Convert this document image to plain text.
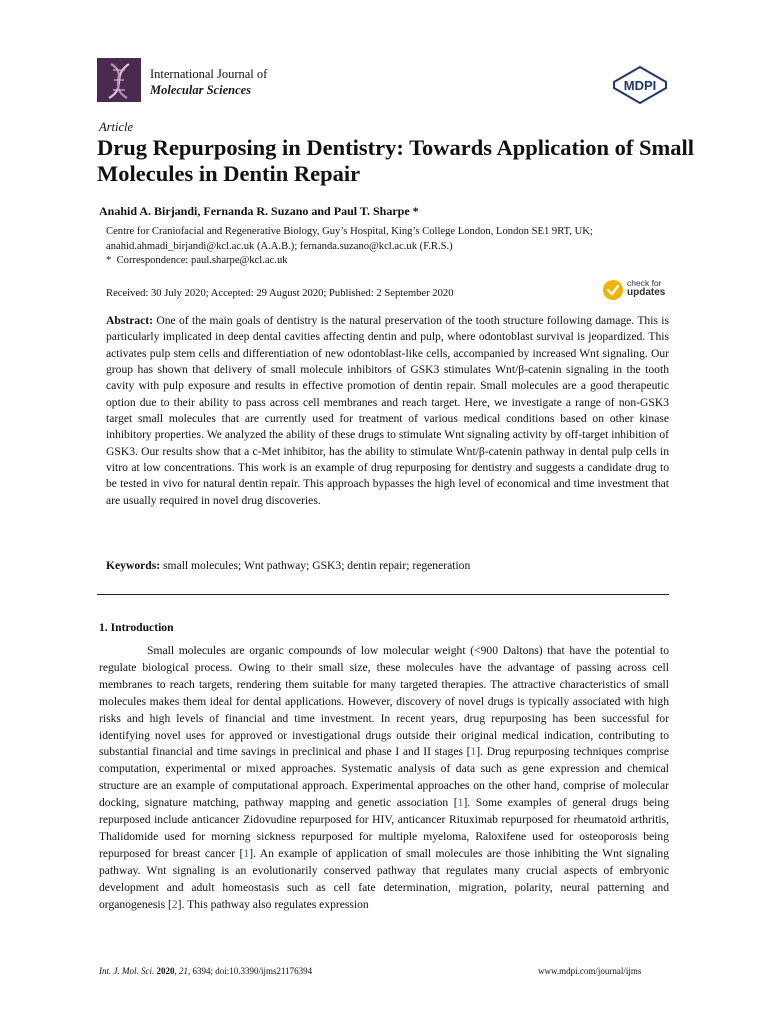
International Journal of
Molecular Sciences	MDPI
Article
Drug Repurposing in Dentistry: Towards Application of Small Molecules in Dentin Repair
Anahid A. Birjandi, Fernanda R. Suzano and Paul T. Sharpe *
Centre for Craniofacial and Regenerative Biology, Guy’s Hospital, King’s College London, London SE1 9RT, UK;
anahid.ahmadi_birjandi@kcl.ac.uk (A.A.B.); fernanda.suzano@kcl.ac.uk (F.R.S.)
* Correspondence: paul.sharpe@kcl.ac.uk
Received: 30 July 2020; Accepted: 29 August 2020; Published: 2 September 2020
check for
updates
Abstract: One of the main goals of dentistry is the natural preservation of the tooth structure following damage. This is particularly implicated in deep dental cavities affecting dentin and pulp, where odontoblast survival is jeopardized. This activates pulp stem cells and differentiation of new odontoblast-like cells, accompanied by increased Wnt signaling. Our group has shown that delivery of small molecule inhibitors of GSK3 stimulates Wnt/β-catenin signaling in the tooth cavity with pulp exposure and results in effective promotion of dentin repair. Small molecules are a good therapeutic option due to their ability to pass across cell membranes and reach target. Here, we investigate a range of non-GSK3 target small molecules that are currently used for treatment of various medical conditions based on other kinase inhibitory properties. We analyzed the ability of these drugs to stimulate Wnt signaling activity by off-target inhibition of GSK3. Our results show that a c-Met inhibitor, has the ability to stimulate Wnt/β-catenin pathway in dental pulp cells in vitro at low concentrations. This work is an example of drug repurposing for dentistry and suggests a candidate drug to be tested in vivo for natural dentin repair. This approach bypasses the high level of economical and time investment that are usually required in novel drug discoveries.
Keywords: small molecules; Wnt pathway; GSK3; dentin repair; regeneration
1. Introduction

Small molecules are organic compounds of low molecular weight (<900 Daltons) that have the potential to regulate biological process. Owing to their small size, these molecules have the advantage of passing across cell membranes to reach targets, rendering them suitable for many targeted therapies. The attractive characteristics of small molecules makes them ideal for dental applications. However, discovery of novel drugs is typically associated with high risks and high levels of financial and time investment. In recent years, drug repurposing has been successful for identifying novel uses for approved or investigational drugs outside their original medical indication, contributing to substantial financial and time savings in preclinical and phase I and II stages [1]. Drug repurposing techniques comprise computation, experimental or mixed approaches. Systematic analysis of data such as gene expression and chemical structure are an example of computational approach. Experimental approaches on the other hand, comprise of molecular docking, signature matching, pathway mapping and genetic association [1]. Some examples of general drugs being repurposed include anticancer Zidovudine repurposed for HIV, anticancer Rituximab repurposed for rheumatoid arthritis, Thalidomide used for morning sickness repurposed for multiple myeloma, Raloxifene used for osteoporosis being repurposed for breast cancer [1]. An example of application of small molecules are those inhibiting the Wnt signaling pathway. Wnt signaling is an evolutionarily conserved pathway that regulates many crucial aspects of embryonic development and adult homeostasis such as cell fate determination, migration, polarity, neural patterning and organogenesis [2]. This pathway also regulates expression

Int. J. Mol. Sci. 2020, 21, 6394; doi:10.3390/ijms21176394	www.mdpi.com/journal/ijms
